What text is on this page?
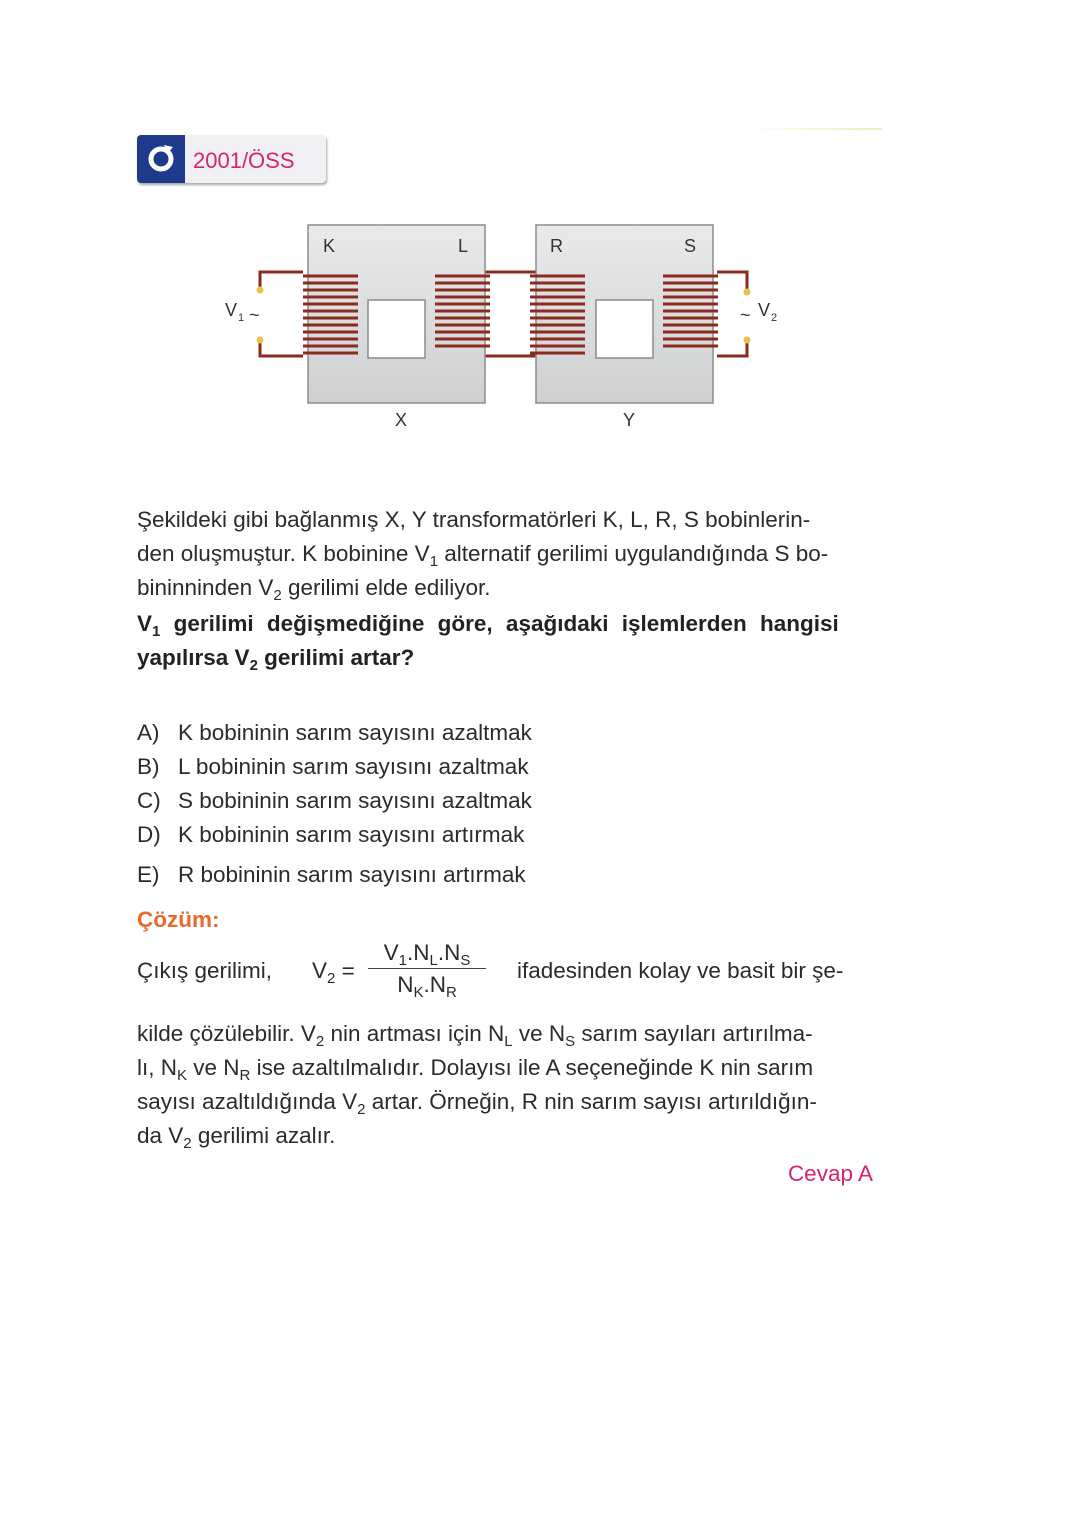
2001/ÖSS
K	L	R	S
X	Y
V 1 ~	~ V 2
Şekildeki gibi bağlanmış X, Y transformatörleri K, L, R, S bobinlerin-
den oluşmuştur. K bobinine $V_1$ alternatif gerilimi uygulandığında S bo-
bininninden $V_2$ gerilimi elde ediliyor.
$V_1$ gerilimi değişmediğine göre, aşağıdaki işlemlerden hangisi
yapılırsa $V_2$ gerilimi artar?
A) K bobininin sarım sayısını azaltmak
B) L bobininin sarım sayısını azaltmak
C) S bobininin sarım sayısını azaltmak
D) K bobininin sarım sayısını artırmak
E) R bobininin sarım sayısını artırmak
Çözüm:
Çıkış gerilimi, $V_2$ =
$V_1.N_L.N_S$
$N_K.N_R$
ifadesinden kolay ve basit bir şe-
kilde çözülebilir. $V_2$ nin artması için $N_L$ ve $N_S$ sarım sayıları artırılma-
lı, $N_K$ ve $N_R$ ise azaltılmalıdır. Dolayısı ile A seçeneğinde K nin sarım
sayısı azaltıldığında $V_2$ artar. Örneğin, R nin sarım sayısı artırıldığın-
da $V_2$ gerilimi azalır.
Cevap A
